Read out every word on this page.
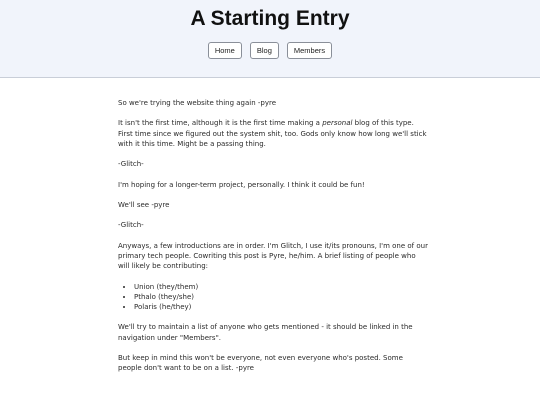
A Starting Entry
Home	Blog	Members

So we're trying the website thing again -pyre

It isn't the first time, although it is the first time making a personal blog of this type. First time since we figured out the system shit, too. Gods only know how long we'll stick with it this time. Might be a passing thing.

-Glitch-

I'm hoping for a longer-term project, personally. I think it could be fun!

We'll see -pyre

-Glitch-

Anyways, a few introductions are in order. I'm Glitch, I use it/its pronouns, I'm one of our primary tech people. Cowriting this post is Pyre, he/him. A brief listing of people who will likely be contributing:

• Union (they/them)
• Pthalo (they/she)
• Polaris (he/they)

We'll try to maintain a list of anyone who gets mentioned - it should be linked in the navigation under "Members".

But keep in mind this won't be everyone, not even everyone who's posted. Some people don't want to be on a list. -pyre
